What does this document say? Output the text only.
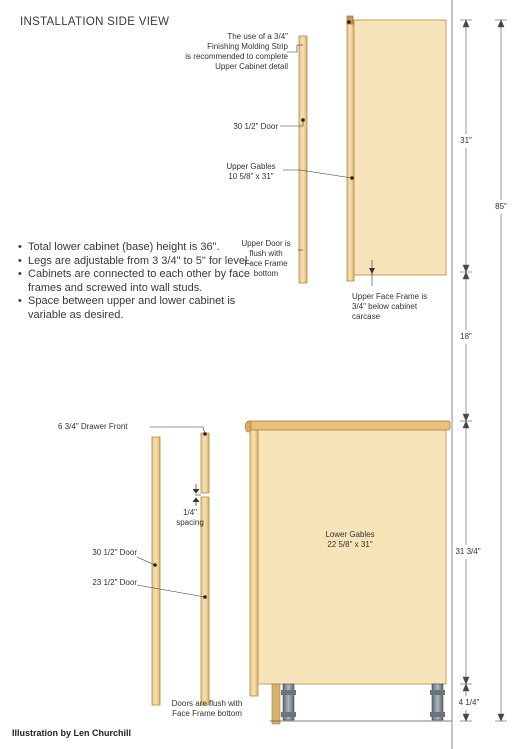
INSTALLATION SIDE VIEW
The use of a 3/4"
Finishing Molding Strip
is recommended to complete
Upper Cabinet detail
30 1/2" Door
Upper Gables
10 5/8" x 31"
Upper Door is
flush with
Face Frame
bottom
Upper Face Frame is
3/4" below cabinet
carcase
• Total lower cabinet (base) height is 36".
• Legs are adjustable from 3 3/4" to 5" for level.
• Cabinets are connected to each other by face frames and screwed into wall studs.
• Space between upper and lower cabinet is variable as desired.
6 3/4" Drawer Front
1/4"
spacing
30 1/2" Door
23 1/2" Door
Lower Gables
22 5/8" x 31"
Doors are flush with
Face Frame bottom
31"
18"
85"
31 3/4"
4 1/4"
Illustration by Len Churchill
